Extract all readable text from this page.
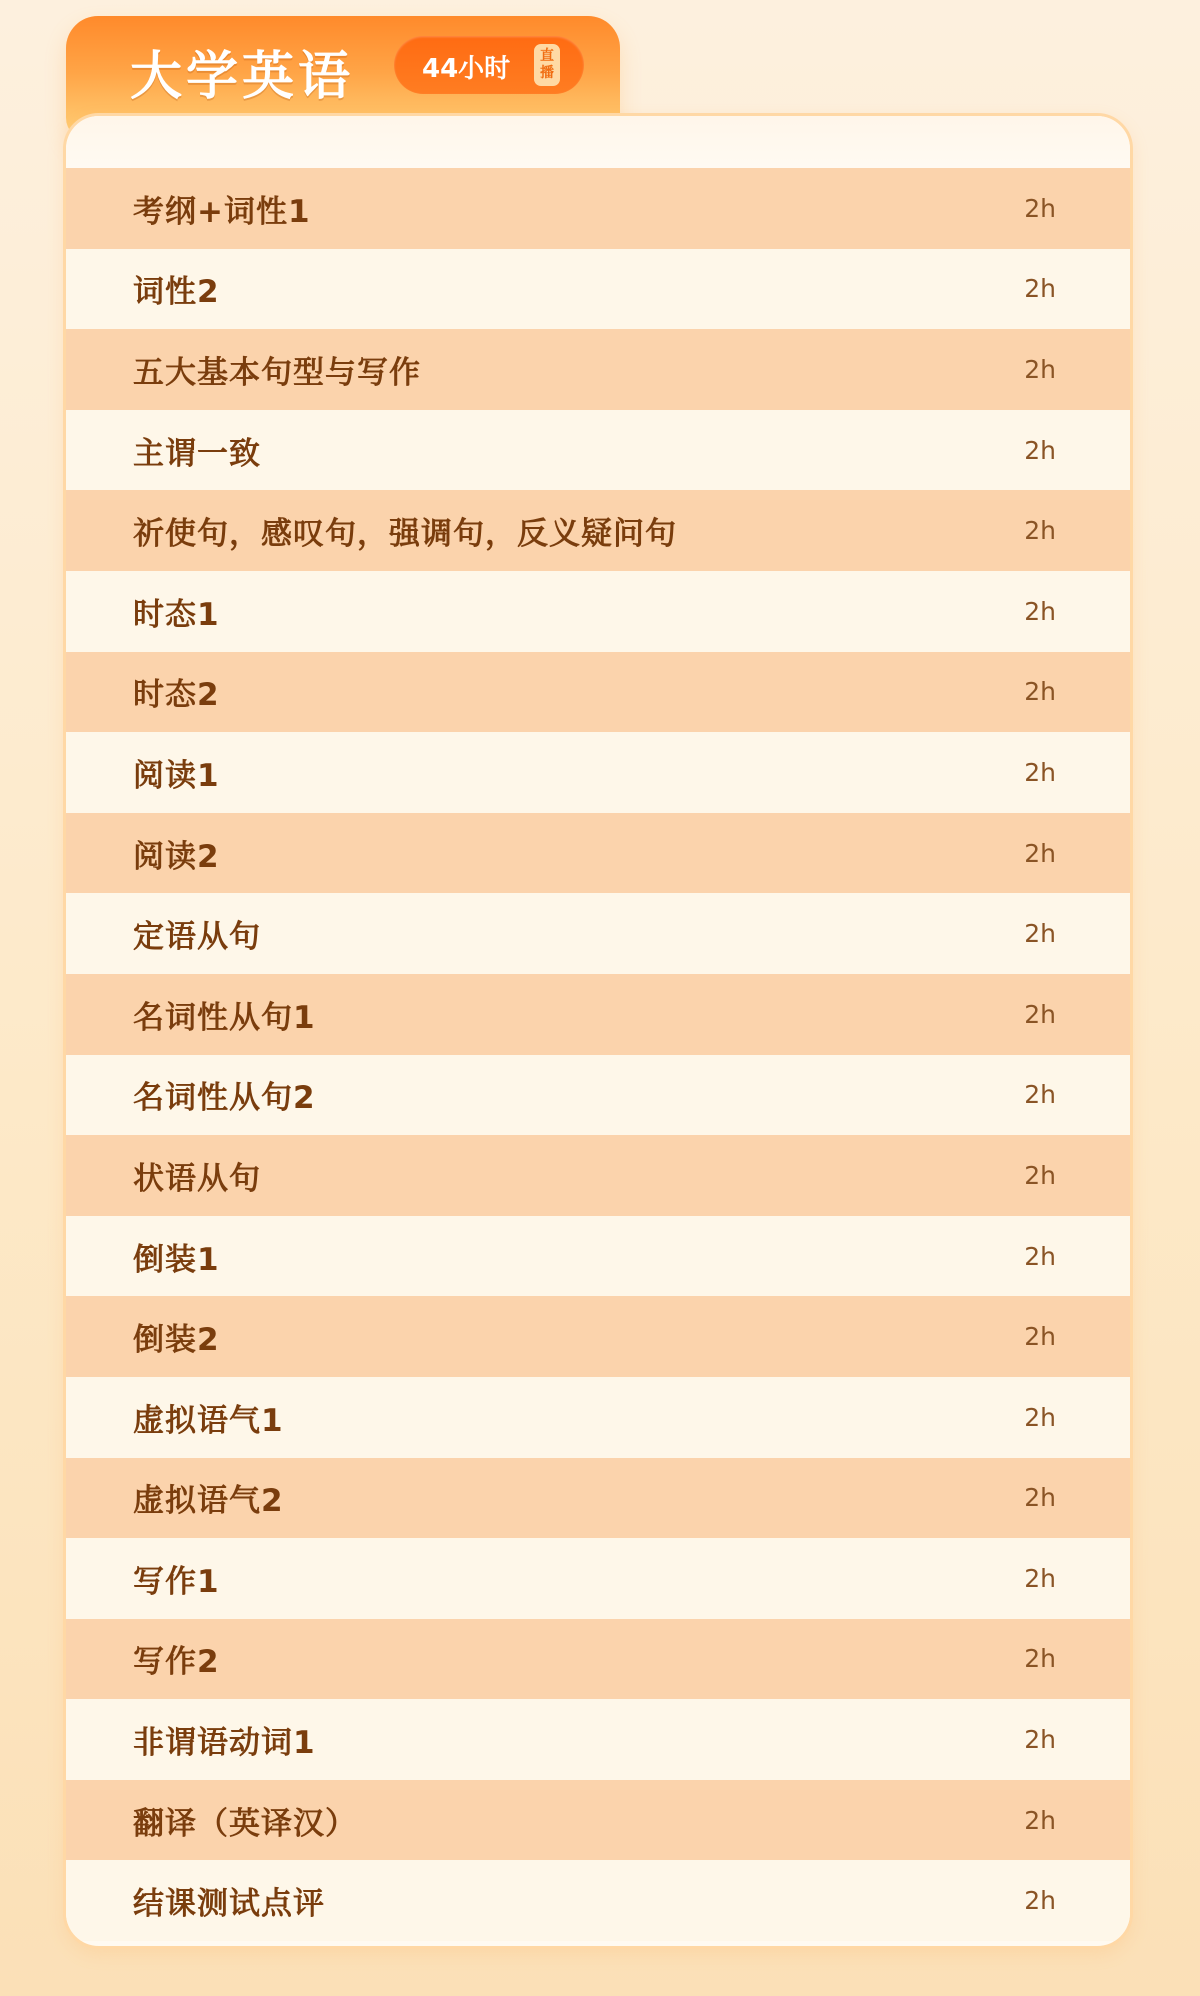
大学英语	44小时	直
播
考纲+词性1	2h
词性2	2h
五大基本句型与写作	2h
主谓一致	2h
祈使句，感叹句，强调句，反义疑问句	2h
时态1	2h
时态2	2h
阅读1	2h
阅读2	2h
定语从句	2h
名词性从句1	2h
名词性从句2	2h
状语从句	2h
倒装1	2h
倒装2	2h
虚拟语气1	2h
虚拟语气2	2h
写作1	2h
写作2	2h
非谓语动词1	2h
翻译（英译汉）	2h
结课测试点评	2h
